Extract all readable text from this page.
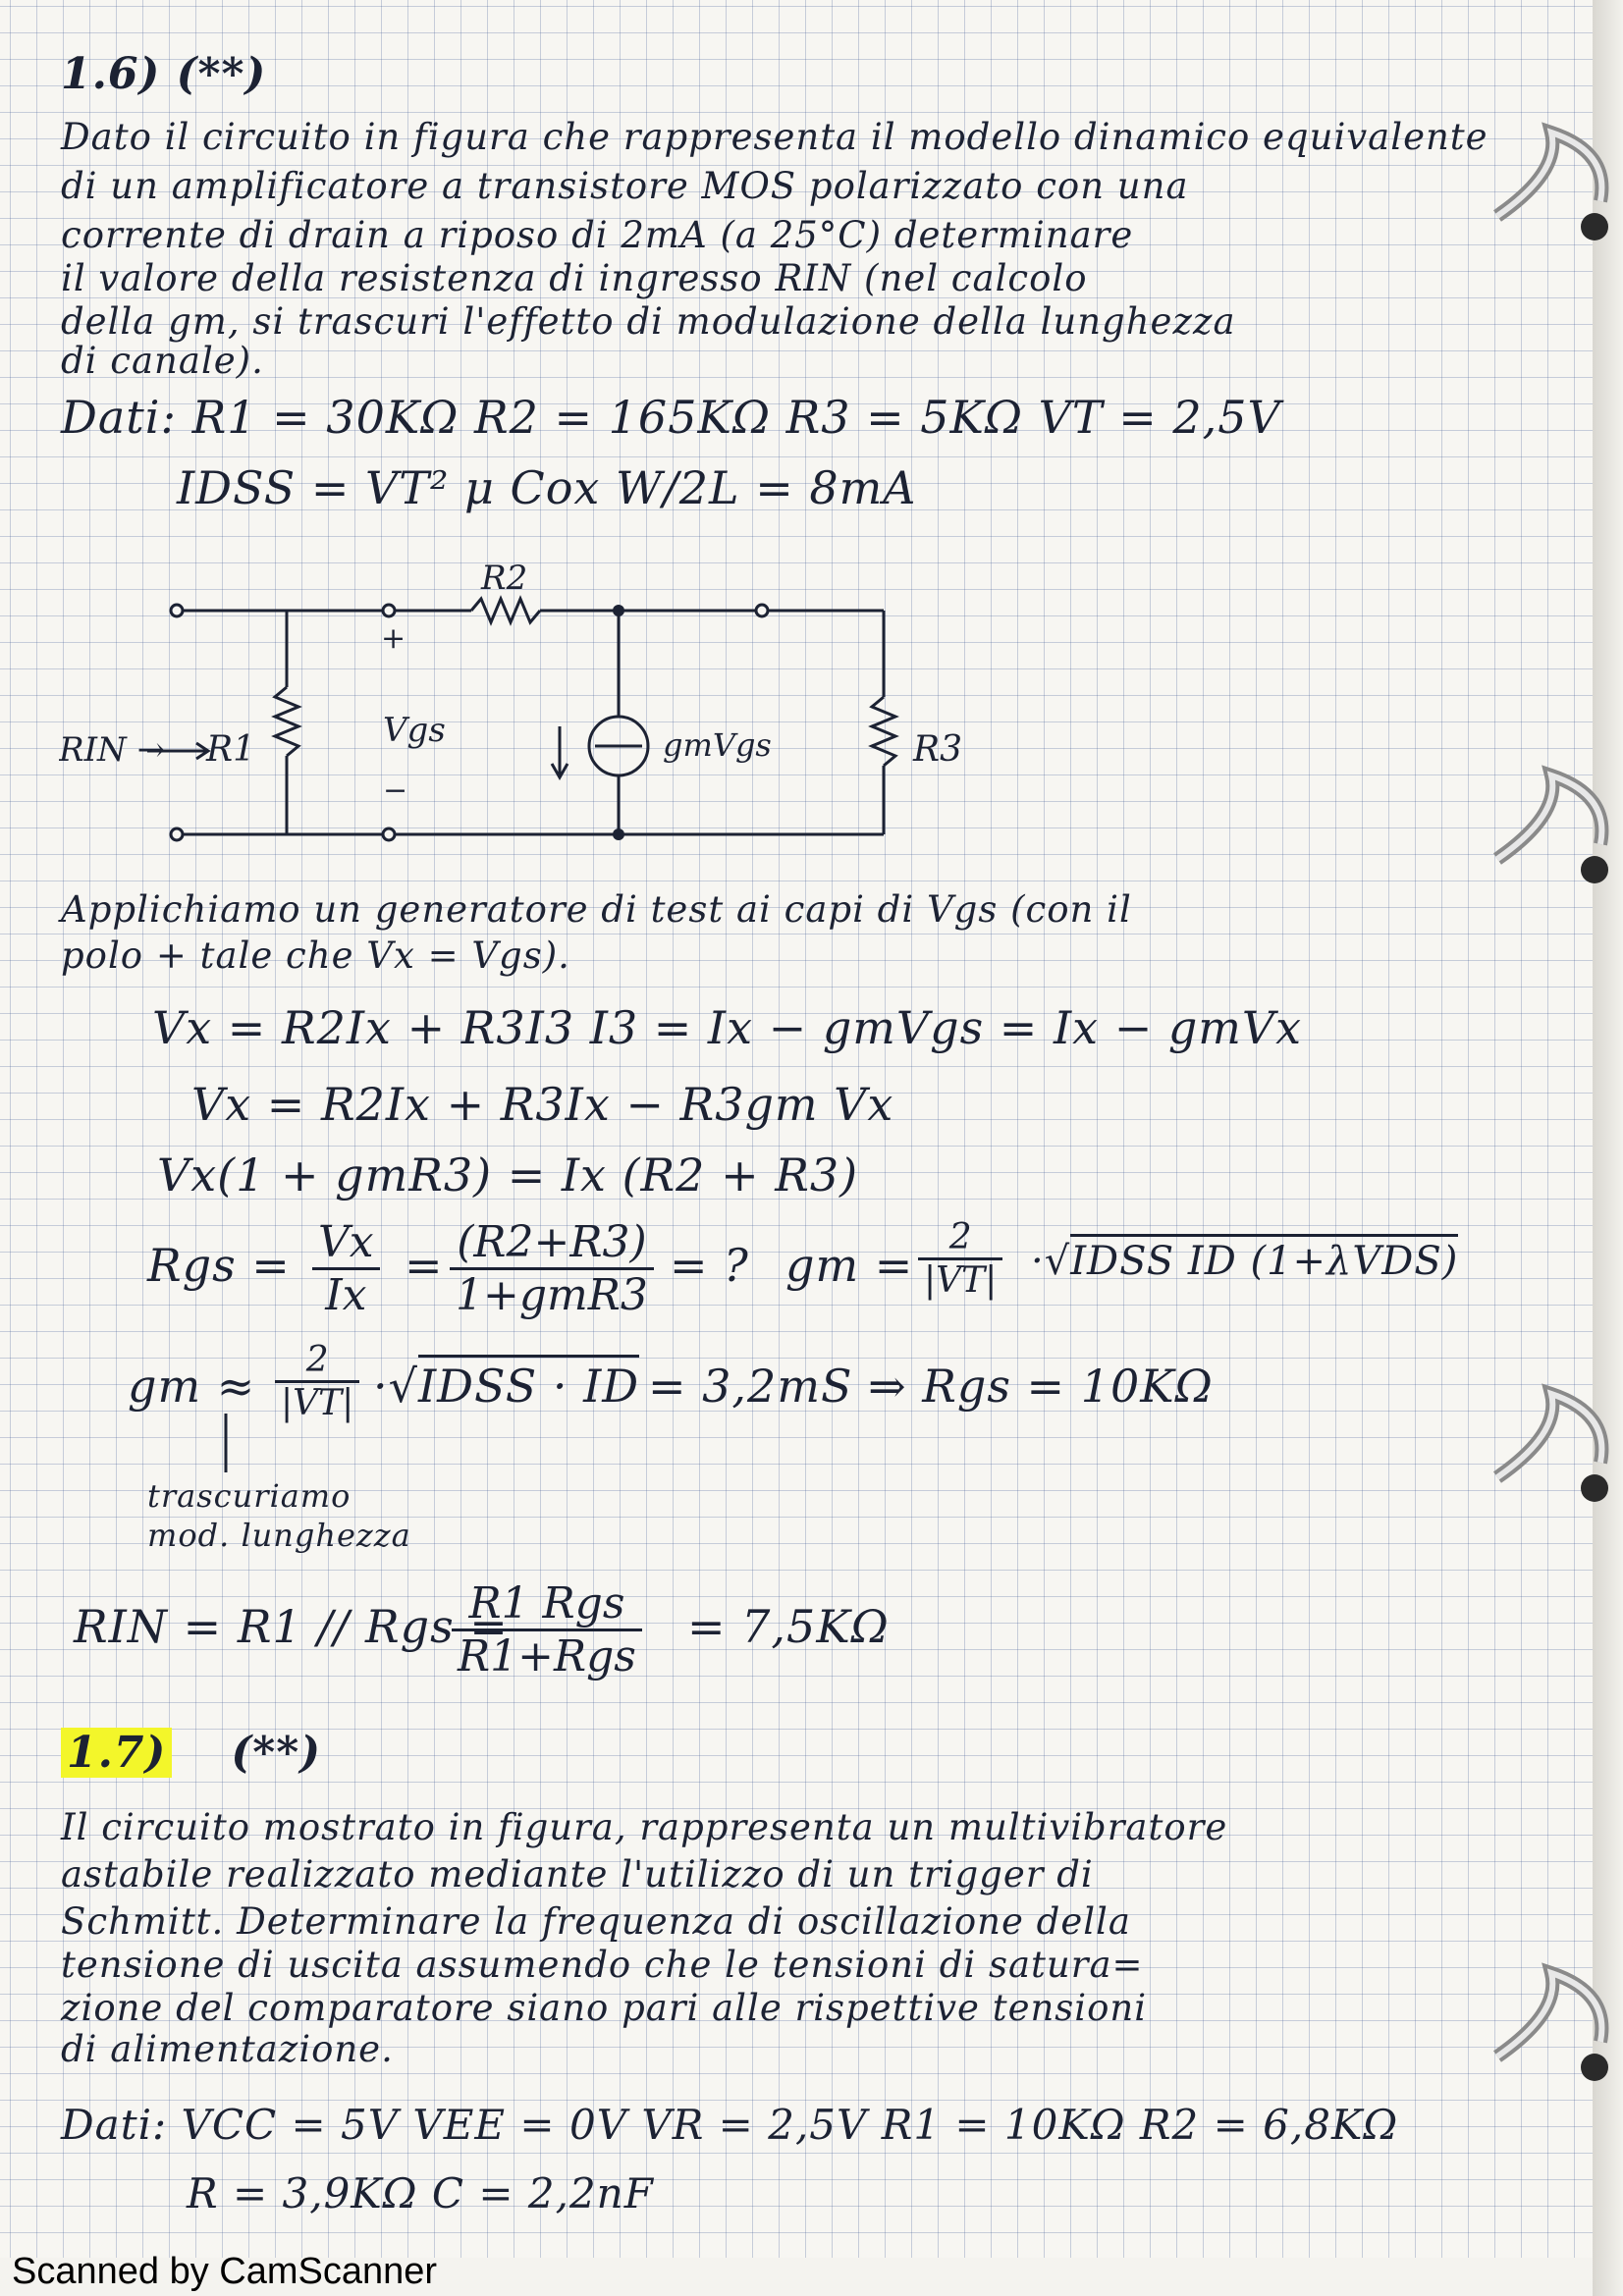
1.6) (**)
Dato il circuito in figura che rappresenta il modello dinamico equivalente
di un amplificatore a transistore MOS polarizzato con una
corrente di drain a riposo di 2mA (a 25°C) determinare
il valore della resistenza di ingresso RIN (nel calcolo
della gm, si trascuri l'effetto di modulazione della lunghezza
di canale).
Dati: R1 = 30KΩ R2 = 165KΩ R3 = 5KΩ VT = 2,5V
IDSS = VT² μ Cox W/2L = 8mA
R2
R1	R3
RIN →	Vgs
+
−
gmVgs
Applichiamo un generatore di test ai capi di Vgs (con il
polo + tale che Vx = Vgs).
Vx = R2Ix + R3I3 I3 = Ix − gmVgs = Ix − gmVx
Vx = R2Ix + R3Ix − R3gm Vx
Vx(1 + gmR3) = Ix (R2 + R3)
Rgs = $\frac{Vx}{Ix} = (R2+R3)$
1+gmR3
= ? gm = $\frac{2}{|VT|}$ ·√IDSS ID (1+λVDS)
gm ≈ $\frac{2}{|VT|}$ ·√IDSS · ID = 3,2mS ⇒ Rgs = 10KΩ
trascuriamo
mod. lunghezza
RIN = R1 // Rgs =
R1 Rgs
R1+Rgs
= 7,5KΩ
1.7) (**)
Il circuito mostrato in figura, rappresenta un multivibratore
astabile realizzato mediante l'utilizzo di un trigger di
Schmitt. Determinare la frequenza di oscillazione della
tensione di uscita assumendo che le tensioni di satura=
zione del comparatore siano pari alle rispettive tensioni
di alimentazione.
Dati: VCC = 5V VEE = 0V VR = 2,5V R1 = 10KΩ R2 = 6,8KΩ
R = 3,9KΩ C = 2,2nF
Scanned by CamScanner
